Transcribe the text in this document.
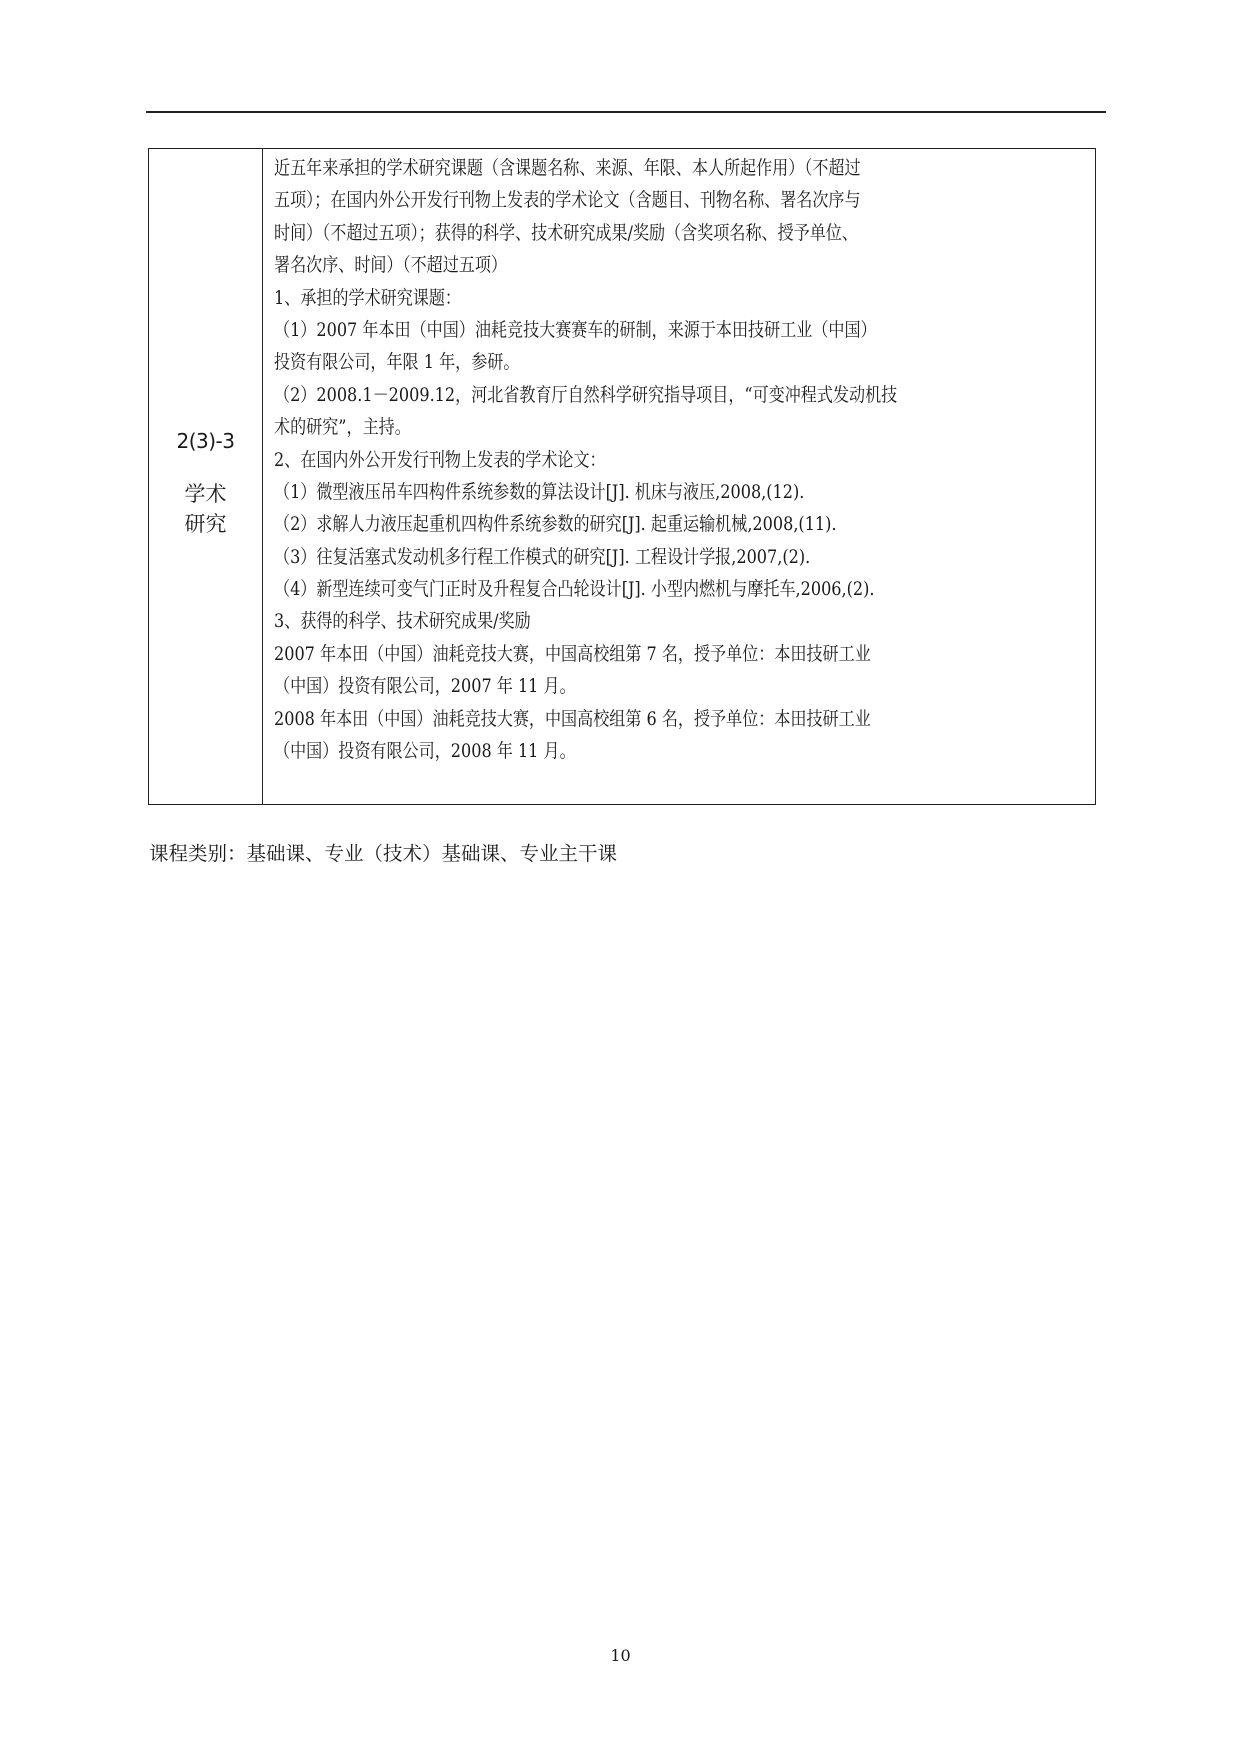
2(3)-3
学术
研究
近五年来承担的学术研究课题（含课题名称、来源、年限、本人所起作用）（不超过
五项）；在国内外公开发行刊物上发表的学术论文（含题目、刊物名称、署名次序与
时间）（不超过五项）；获得的科学、技术研究成果/奖励（含奖项名称、授予单位、
署名次序、时间）（不超过五项）
1、承担的学术研究课题：
（1）2007 年本田（中国）油耗竞技大赛赛车的研制，来源于本田技研工业（中国）
投资有限公司，年限 1 年，参研。
（2）2008.1－2009.12，河北省教育厅自然科学研究指导项目，“可变冲程式发动机技
术的研究”，主持。
2、在国内外公开发行刊物上发表的学术论文：
（1）微型液压吊车四构件系统参数的算法设计[J]. 机床与液压,2008,(12).
（2）求解人力液压起重机四构件系统参数的研究[J]. 起重运输机械,2008,(11).
（3）往复活塞式发动机多行程工作模式的研究[J]. 工程设计学报,2007,(2).
（4）新型连续可变气门正时及升程复合凸轮设计[J]. 小型内燃机与摩托车,2006,(2).
3、获得的科学、技术研究成果/奖励
2007 年本田（中国）油耗竞技大赛，中国高校组第 7 名，授予单位：本田技研工业
（中国）投资有限公司，2007 年 11 月。
2008 年本田（中国）油耗竞技大赛，中国高校组第 6 名，授予单位：本田技研工业
（中国）投资有限公司，2008 年 11 月。
课程类别：基础课、专业（技术）基础课、专业主干课
10
